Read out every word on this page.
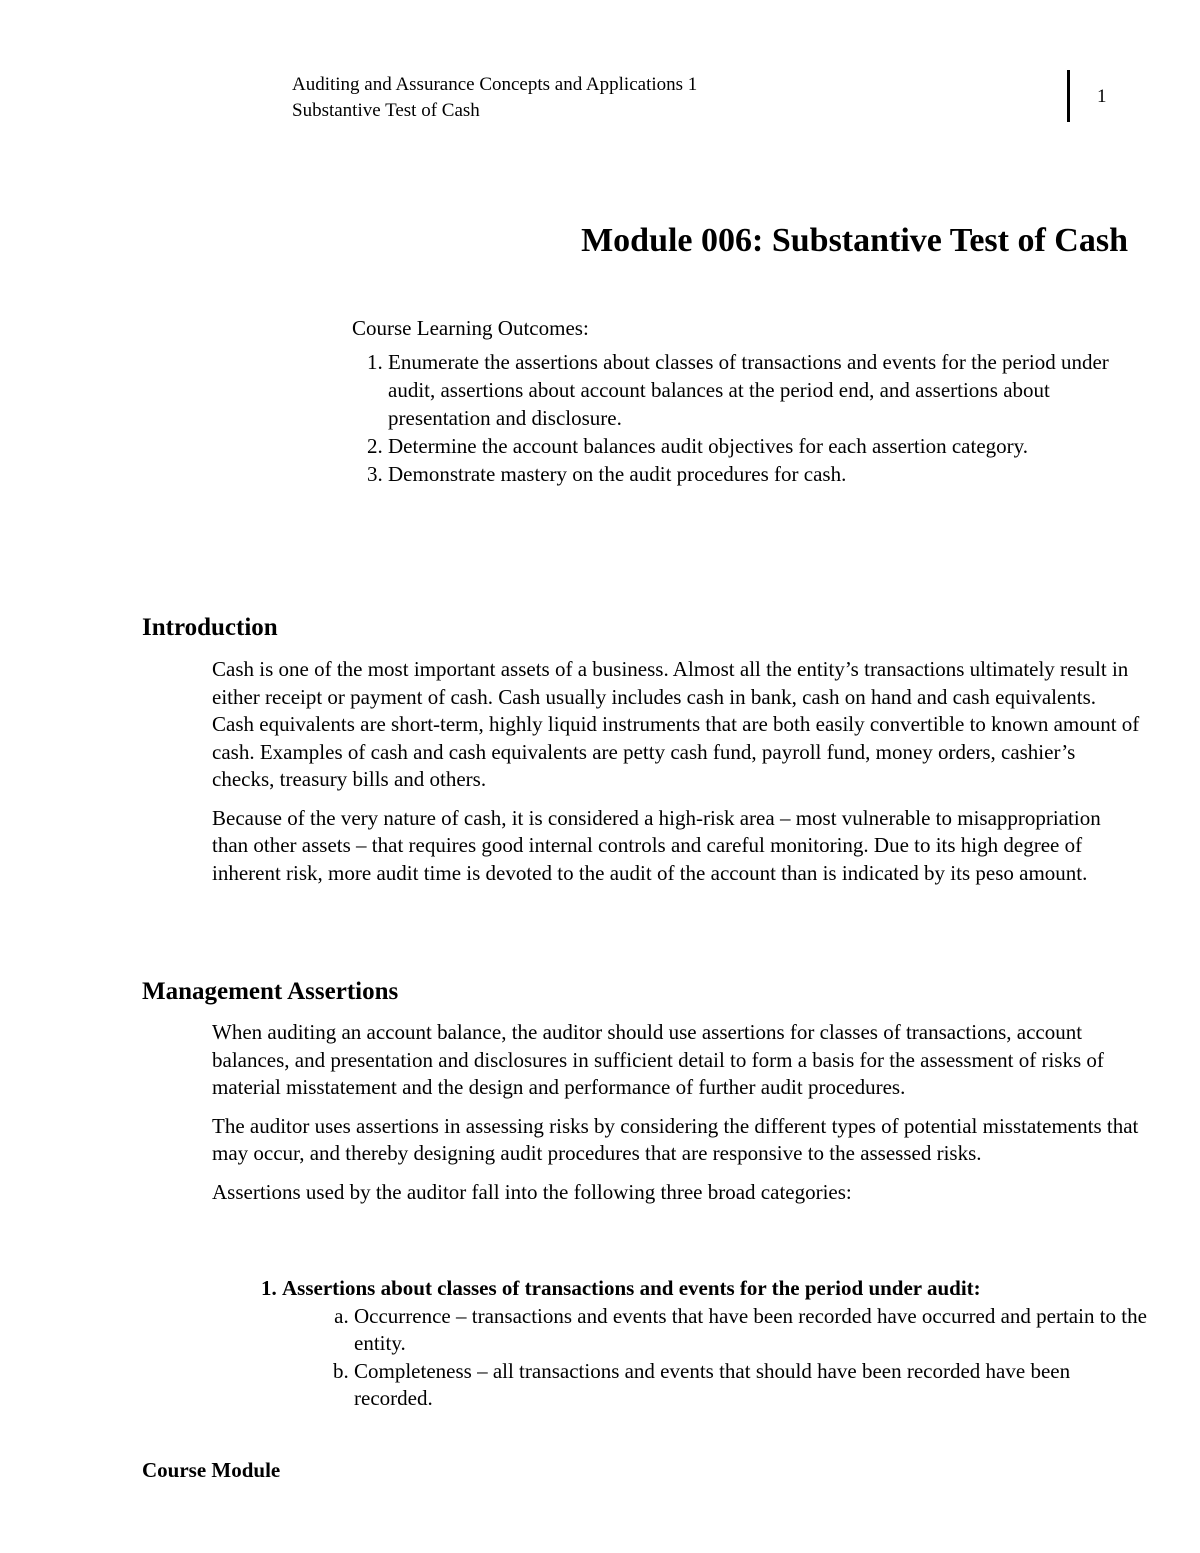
Auditing and Assurance Concepts and Applications 1
Substantive Test of Cash
1
Module 006: Substantive Test of Cash
Course Learning Outcomes:
1. Enumerate the assertions about classes of transactions and events for the period under audit, assertions about account balances at the period end, and assertions about presentation and disclosure.
2. Determine the account balances audit objectives for each assertion category.
3. Demonstrate mastery on the audit procedures for cash.
Introduction

Cash is one of the most important assets of a business. Almost all the entity’s transactions ultimately result in either receipt or payment of cash. Cash usually includes cash in bank, cash on hand and cash equivalents. Cash equivalents are short-term, highly liquid instruments that are both easily convertible to known amount of cash. Examples of cash and cash equivalents are petty cash fund, payroll fund, money orders, cashier’s checks, treasury bills and others.

Because of the very nature of cash, it is considered a high-risk area – most vulnerable to misappropriation than other assets – that requires good internal controls and careful monitoring. Due to its high degree of inherent risk, more audit time is devoted to the audit of the account than is indicated by its peso amount.

Management Assertions

When auditing an account balance, the auditor should use assertions for classes of transactions, account balances, and presentation and disclosures in sufficient detail to form a basis for the assessment of risks of material misstatement and the design and performance of further audit procedures.

The auditor uses assertions in assessing risks by considering the different types of potential misstatements that may occur, and thereby designing audit procedures that are responsive to the assessed risks.

Assertions used by the auditor fall into the following three broad categories:

1. Assertions about classes of transactions and events for the period under audit:
a. Occurrence – transactions and events that have been recorded have occurred and pertain to the entity.
b. Completeness – all transactions and events that should have been recorded have been recorded.
Course Module
